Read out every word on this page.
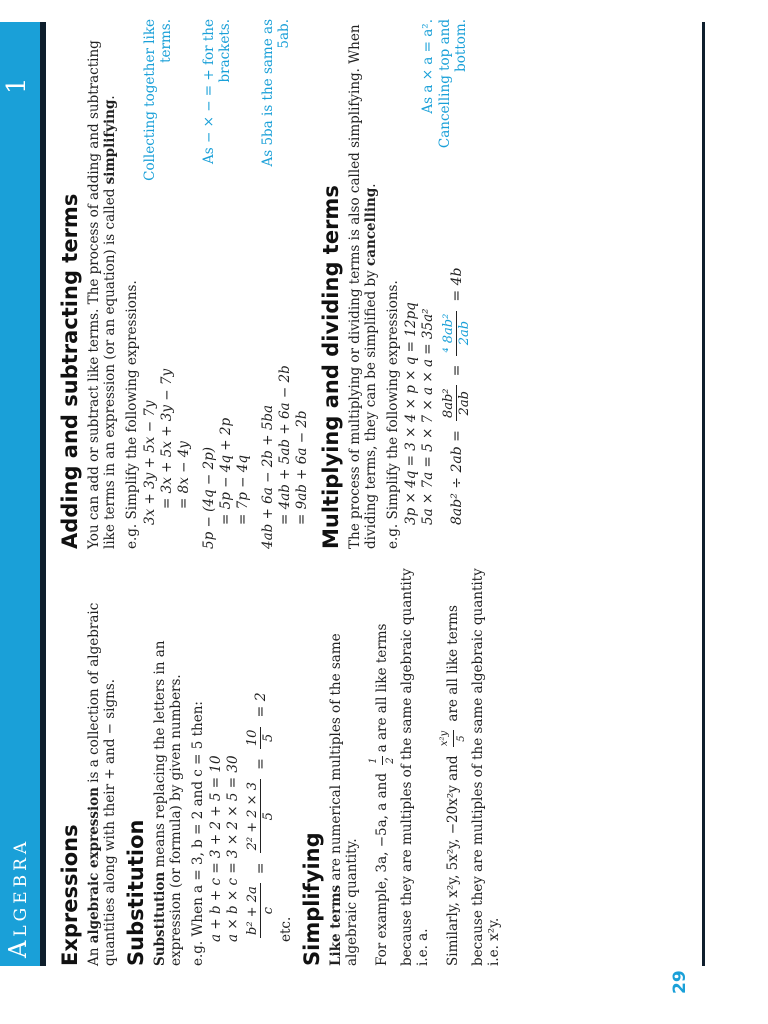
Algebra
1
Expressions An algebraic expression is a collection of algebraic quantities along with their + and − signs. Substitution Substitution means replacing the letters in an expression (or formula) by given numbers. e.g. When a = 3, b = 2 and c = 5 then: a + b + c = 3 + 2 + 5 = 10 a × b × c = 3 × 2 × 5 = 30 b² + 2a c
=
2² + 2 × 3 5
=
10 5
= 2

etc. Simplifying Like terms are numerical multiples of the same algebraic quantity.	For example, 3a, −5a, a and
1 2
a are all like terms because they are multiples of the same algebraic quantity i.e. a.	Similarly, x²y, 5x²y, −20x²y and
x²y 5
are all like terms because they are multiples of the same algebraic quantity i.e. x²y.

Adding and subtracting terms You can add or subtract like terms. The process of adding and subtracting like terms in an expression (or an equation) is called simplifying.

e.g. Simplify the following expressions. 3x + 3y + 5x − 7y = 3x + 5x + 3y − 7y = 8x − 4y

Collecting together like terms.

5p − (4q − 2p) = 5p − 4q + 2p = 7p − 4q

As − × − = + for the brackets.

4ab + 6a − 2b + 5ba = 4ab + 5ab + 6a − 2b = 9ab + 6a − 2b

As 5ba is the same as 5ab.
Multiplying and dividing terms The process of multiplying or dividing terms is also called simplifying. When dividing terms, they can be simplified by cancelling.

e.g. Simplify the following expressions. 3p × 4q = 3 × 4 × p × q = 12pq 5a × 7a = 5 × 7 × a × a = 35a²

As a × a = a².
8ab² ÷ 2ab =
8ab² 2ab
=
⁴ 8ab² 2ab
= 4b
Cancelling top and bottom.
29
